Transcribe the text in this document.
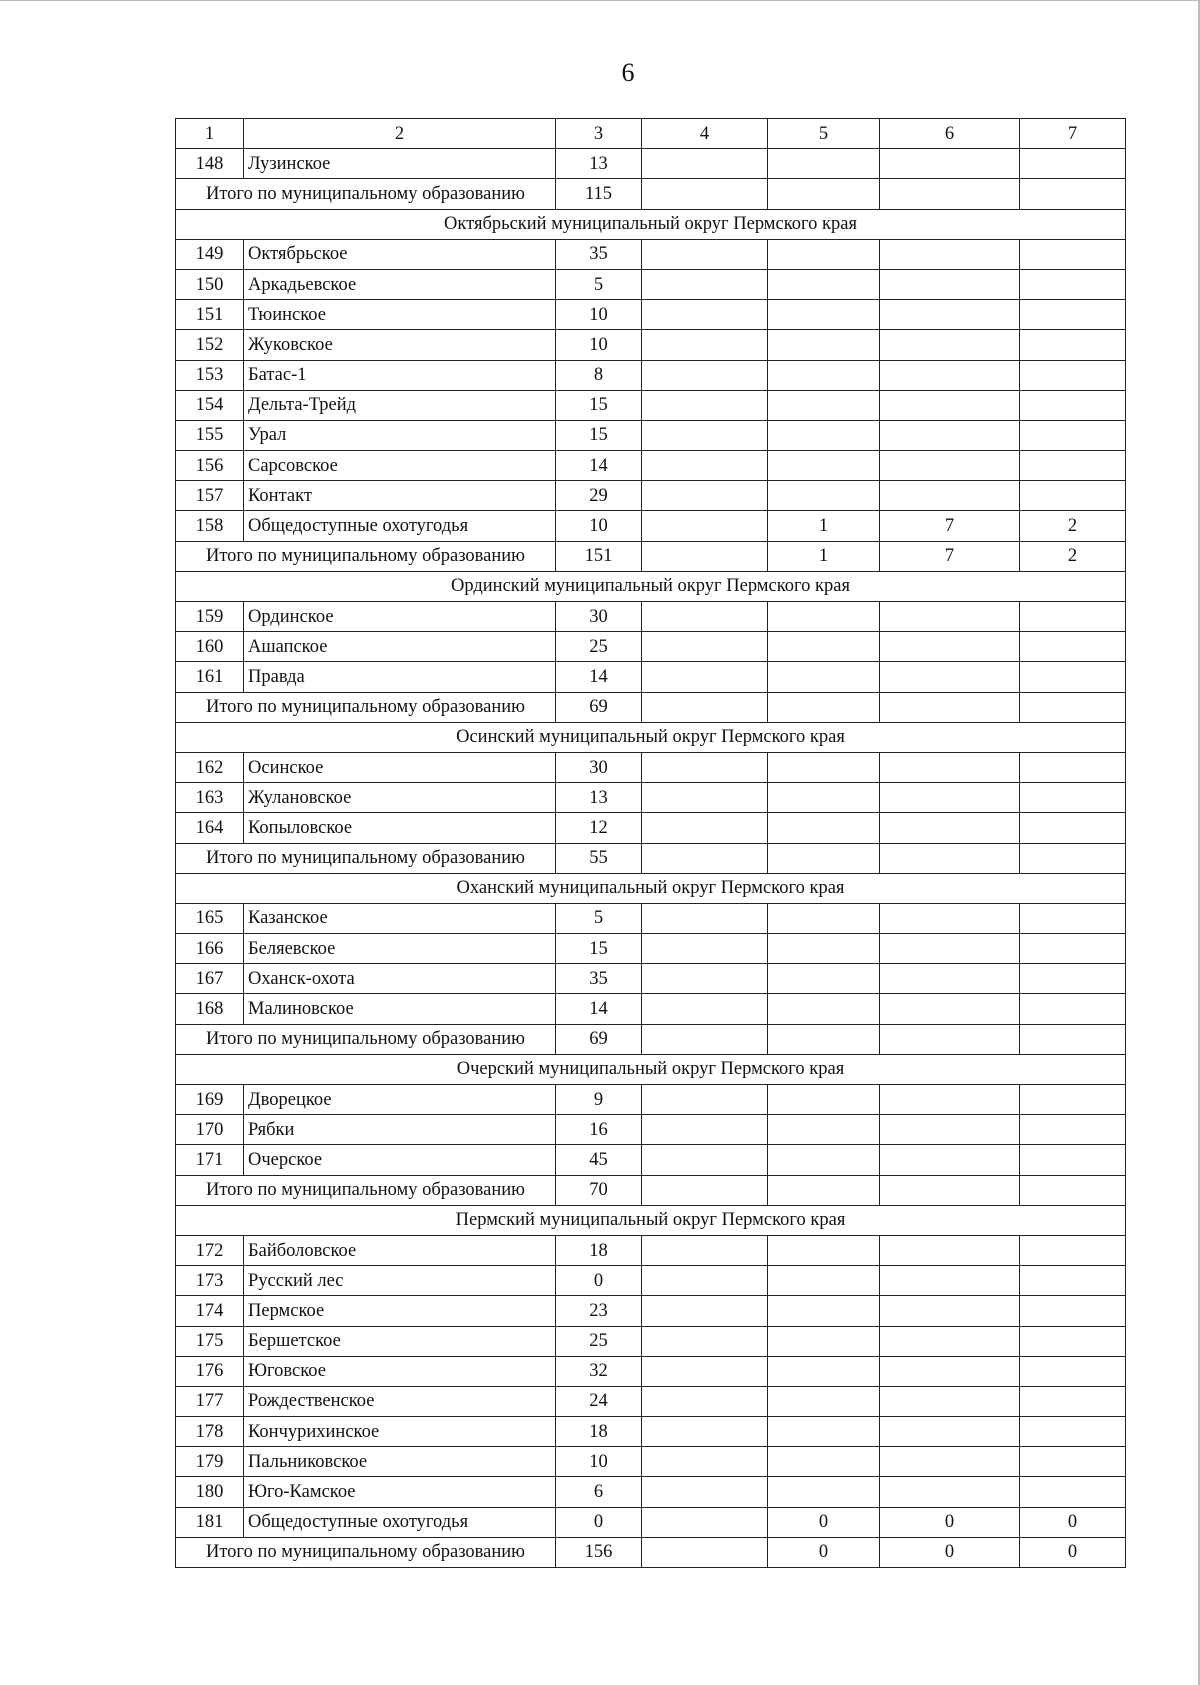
6
1	2	3	4	5	6	7
148	Лузинское	13				
Итого по муниципальному образованию		115				
Октябрьский муниципальный округ Пермского края						
149	Октябрьское	35				
150	Аркадьевское	5				
151	Тюинское	10				
152	Жуковское	10				
153	Батас-1	8				
154	Дельта-Трейд	15				
155	Урал	15				
156	Сарсовское	14				
157	Контакт	29				
158	Общедоступные охотугодья	10		1	7	2
Итого по муниципальному образованию		151		1	7	2
Ординский муниципальный округ Пермского края						
159	Ординское	30				
160	Ашапское	25				
161	Правда	14				
Итого по муниципальному образованию		69				
Осинский муниципальный округ Пермского края						
162	Осинское	30				
163	Жулановское	13				
164	Копыловское	12				
Итого по муниципальному образованию		55				
Оханский муниципальный округ Пермского края						
165	Казанское	5				
166	Беляевское	15				
167	Оханск-охота	35				
168	Малиновское	14				
Итого по муниципальному образованию		69				
Очерский муниципальный округ Пермского края						
169	Дворецкое	9				
170	Рябки	16				
171	Очерское	45				
Итого по муниципальному образованию		70				
Пермский муниципальный округ Пермского края						
172	Байболовское	18				
173	Русский лес	0				
174	Пермское	23				
175	Бершетское	25				
176	Юговское	32				
177	Рождественское	24				
178	Кончурихинское	18				
179	Пальниковское	10				
180	Юго-Камское	6				
181	Общедоступные охотугодья	0		0	0	0
Итого по муниципальному образованию		156		0	0	0
